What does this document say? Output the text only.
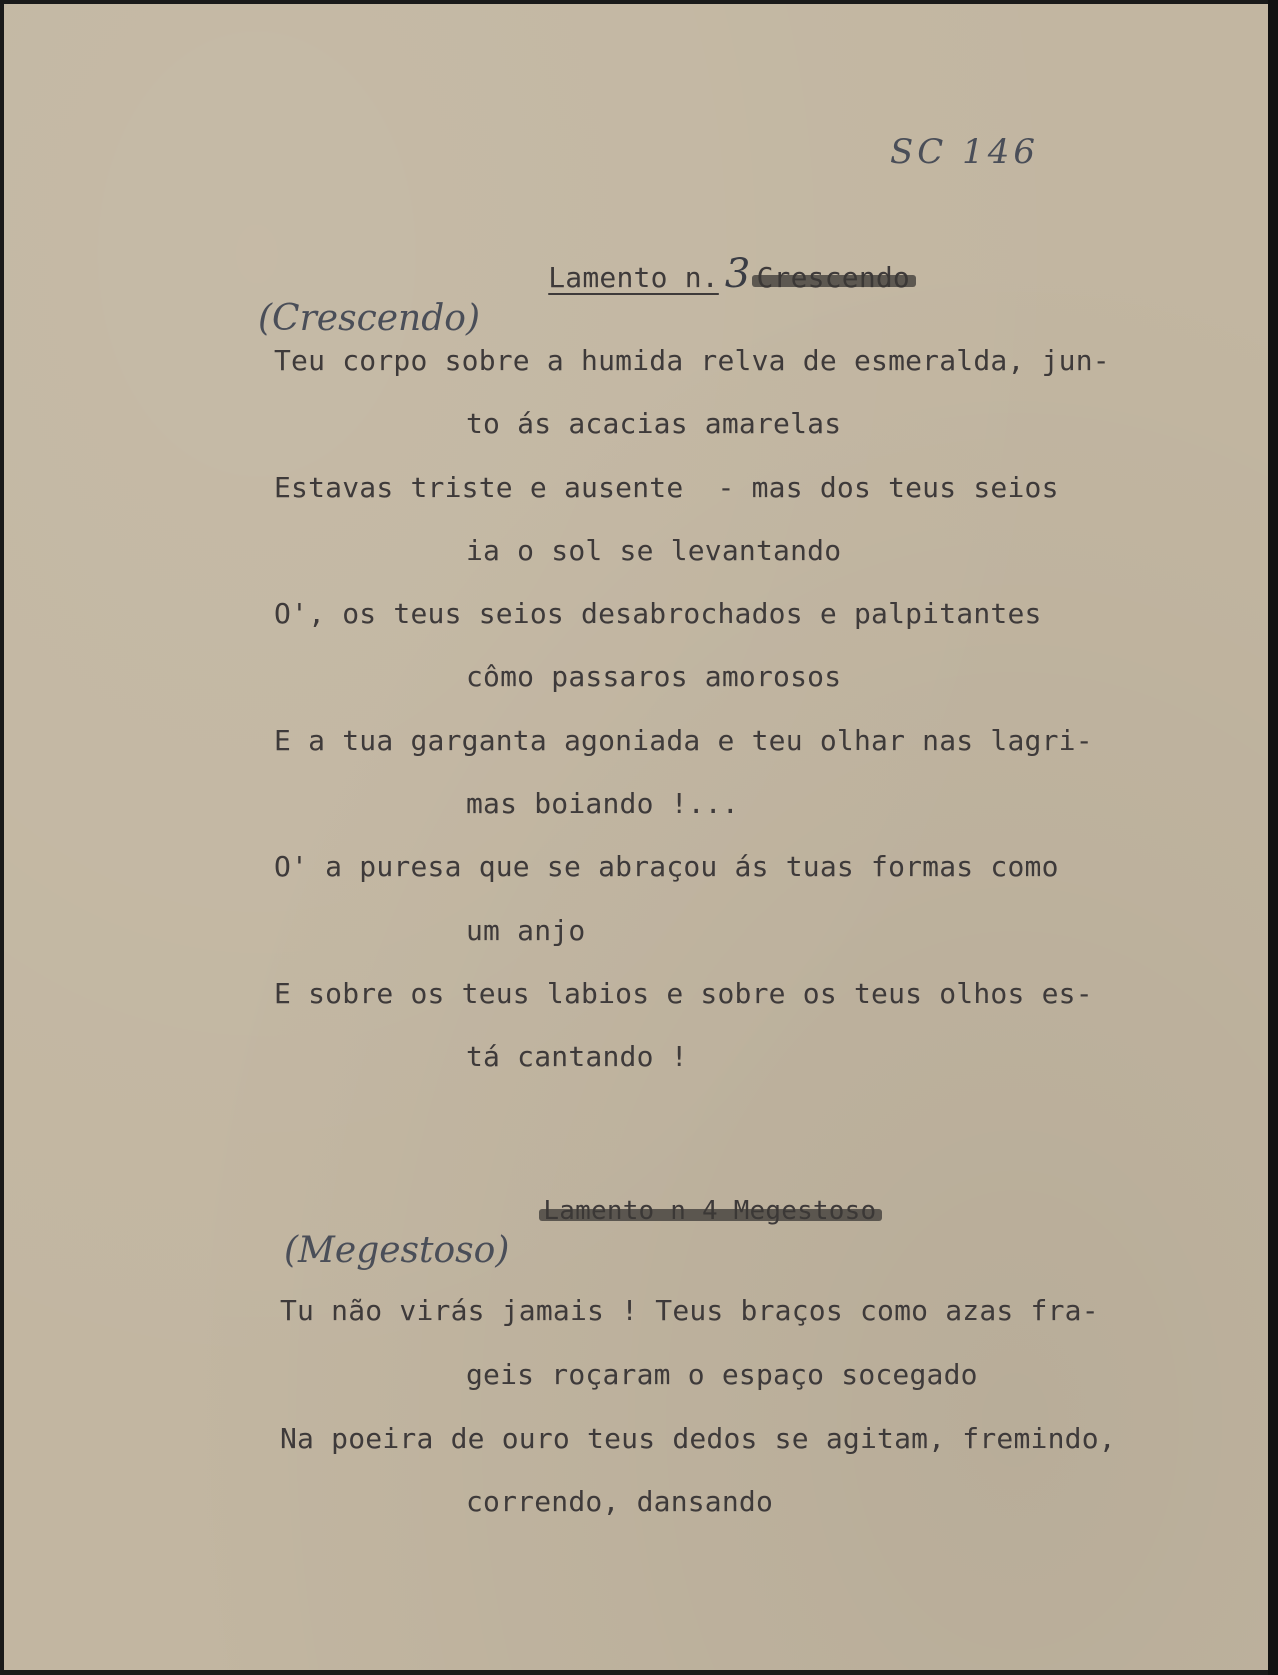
SC 146

Lamento n. 3

(Crescendo)
Teu corpo sobre a humida relva de esmeralda, jun-
to ás acacias amarelas
Estavas triste e ausente  - mas dos teus seios
ia o sol se levantando
O', os teus seios desabrochados e palpitantes
cômo passaros amorosos
E a tua garganta agoniada e teu olhar nas lagri-
mas boiando !...
O' a puresa que se abraçou ás tuas formas como
um anjo
E sobre os teus labios e sobre os teus olhos es-
tá cantando !

(Megestoso)
Tu não virás jamais ! Teus braços como azas fra-
geis roçaram o espaço socegado
Na poeira de ouro teus dedos se agitam, fremindo,
correndo, dansando
